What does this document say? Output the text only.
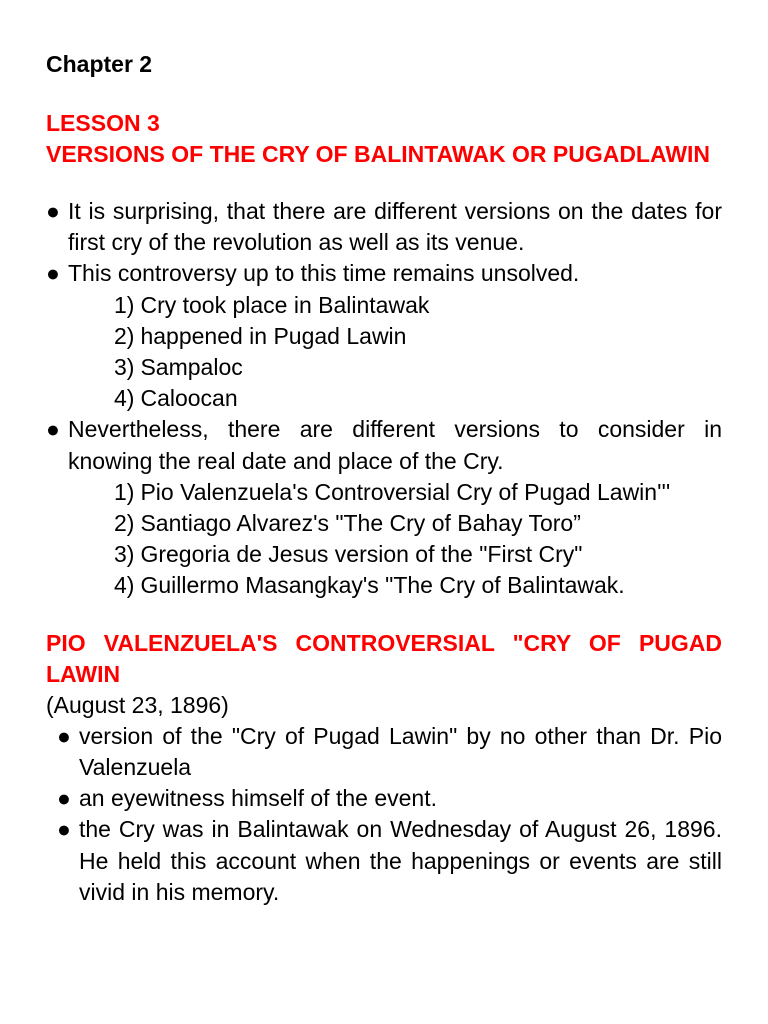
Chapter 2

LESSON 3

VERSIONS OF THE CRY OF BALINTAWAK OR PUGADLAWIN

● It is surprising, that there are different versions on the dates for first cry of the revolution as well as its venue.
● This controversy up to this time remains unsolved.
1) Cry took place in Balintawak
2) happened in Pugad Lawin
3) Sampaloc
4) Caloocan
● Nevertheless, there are different versions to consider in knowing the real date and place of the Cry.
1) Pio Valenzuela's Controversial Cry of Pugad Lawin'''
2) Santiago Alvarez's "The Cry of Bahay Toro”
3) Gregoria de Jesus version of the "First Cry"
4) Guillermo Masangkay's "The Cry of Balintawak.

PIO VALENZUELA'S CONTROVERSIAL "CRY OF PUGAD LAWIN

(August 23, 1896)

● version of the "Cry of Pugad Lawin" by no other than Dr. Pio Valenzuela
● an eyewitness himself of the event.
● the Cry was in Balintawak on Wednesday of August 26, 1896. He held this account when the happenings or events are still vivid in his memory.
